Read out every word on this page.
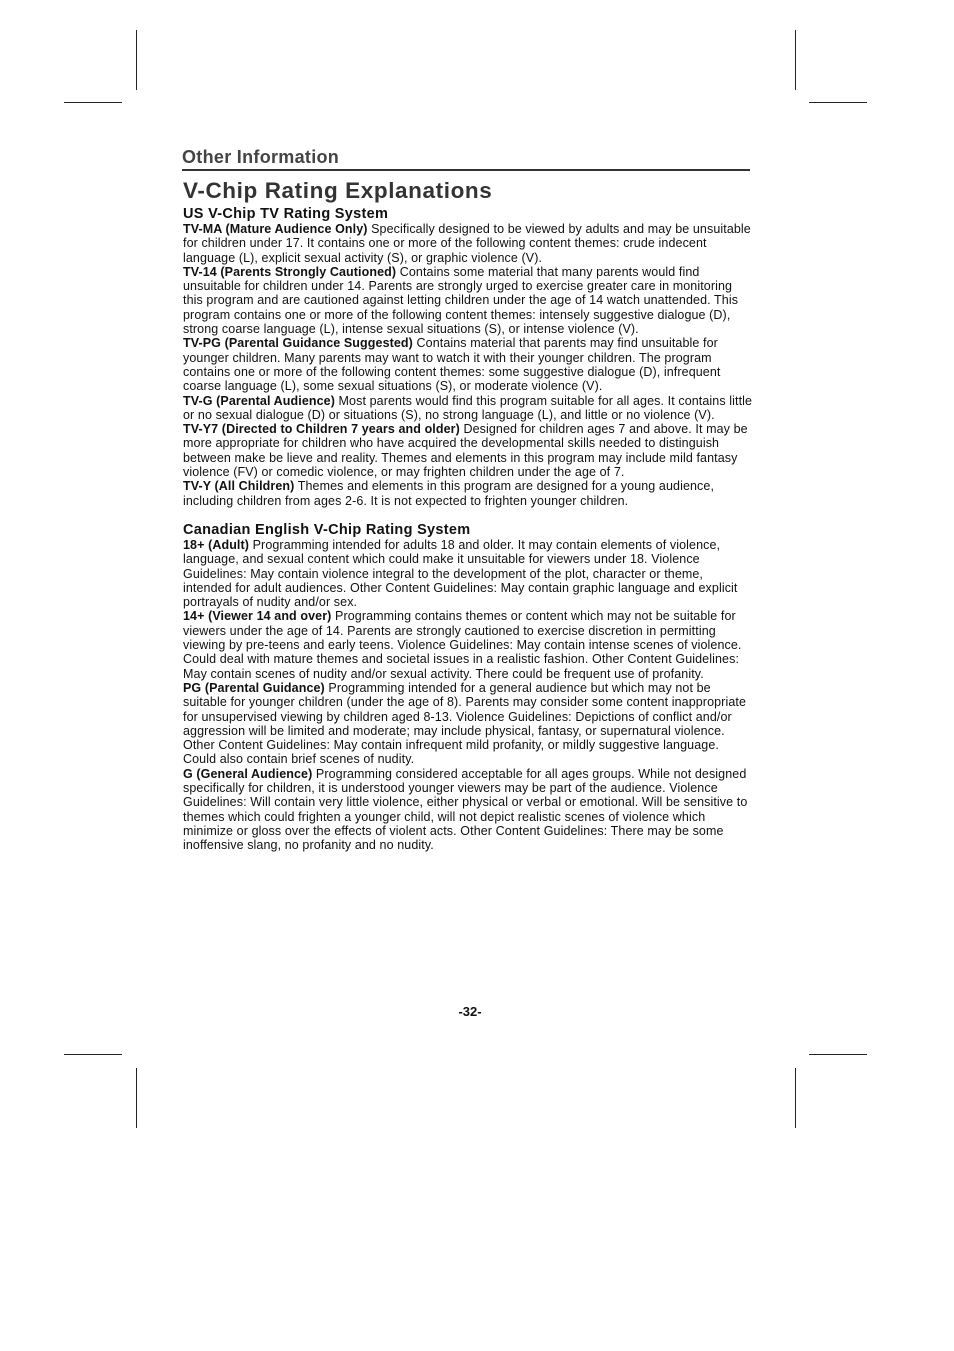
Other Information
V-Chip Rating Explanations
US V-Chip TV Rating System

TV-MA (Mature Audience Only) Specifically designed to be viewed by adults and may be unsuitable for children under 17. It contains one or more of the following content themes: crude indecent language (L), explicit sexual activity (S), or graphic violence (V).

TV-14 (Parents Strongly Cautioned) Contains some material that many parents would find unsuitable for children under 14. Parents are strongly urged to exercise greater care in monitoring this program and are cautioned against letting children under the age of 14 watch unattended. This program contains one or more of the following content themes: intensely suggestive dialogue (D), strong coarse language (L), intense sexual situations (S), or intense violence (V).

TV-PG (Parental Guidance Suggested) Contains material that parents may find unsuitable for younger children. Many parents may want to watch it with their younger children. The program contains one or more of the following content themes: some suggestive dialogue (D), infrequent coarse language (L), some sexual situations (S), or moderate violence (V).

TV-G (Parental Audience) Most parents would find this program suitable for all ages. It contains little or no sexual dialogue (D) or situations (S), no strong language (L), and little or no violence (V).

TV-Y7 (Directed to Children 7 years and older) Designed for children ages 7 and above. It may be more appropriate for children who have acquired the developmental skills needed to distinguish between make be lieve and reality. Themes and elements in this program may include mild fantasy violence (FV) or comedic violence, or may frighten children under the age of 7.

TV-Y (All Children) Themes and elements in this program are designed for a young audience, including children from ages 2-6. It is not expected to frighten younger children.

Canadian English V-Chip Rating System

18+ (Adult) Programming intended for adults 18 and older. It may contain elements of violence, language, and sexual content which could make it unsuitable for viewers under 18. Violence Guidelines: May contain violence integral to the development of the plot, character or theme, intended for adult audiences. Other Content Guidelines: May contain graphic language and explicit portrayals of nudity and/or sex.

14+ (Viewer 14 and over) Programming contains themes or content which may not be suitable for viewers under the age of 14. Parents are strongly cautioned to exercise discretion in permitting viewing by pre-teens and early teens. Violence Guidelines: May contain intense scenes of violence. Could deal with mature themes and societal issues in a realistic fashion. Other Content Guidelines: May contain scenes of nudity and/or sexual activity. There could be frequent use of profanity.

PG (Parental Guidance) Programming intended for a general audience but which may not be suitable for younger children (under the age of 8). Parents may consider some content inappropriate for unsupervised viewing by children aged 8-13. Violence Guidelines: Depictions of conflict and/or aggression will be limited and moderate; may include physical, fantasy, or supernatural violence. Other Content Guidelines: May contain infrequent mild profanity, or mildly suggestive language. Could also contain brief scenes of nudity.

G (General Audience) Programming considered acceptable for all ages groups. While not designed specifically for children, it is understood younger viewers may be part of the audience. Violence Guidelines: Will contain very little violence, either physical or verbal or emotional. Will be sensitive to themes which could frighten a younger child, will not depict realistic scenes of violence which minimize or gloss over the effects of violent acts. Other Content Guidelines: There may be some inoffensive slang, no profanity and no nudity.

-32-
